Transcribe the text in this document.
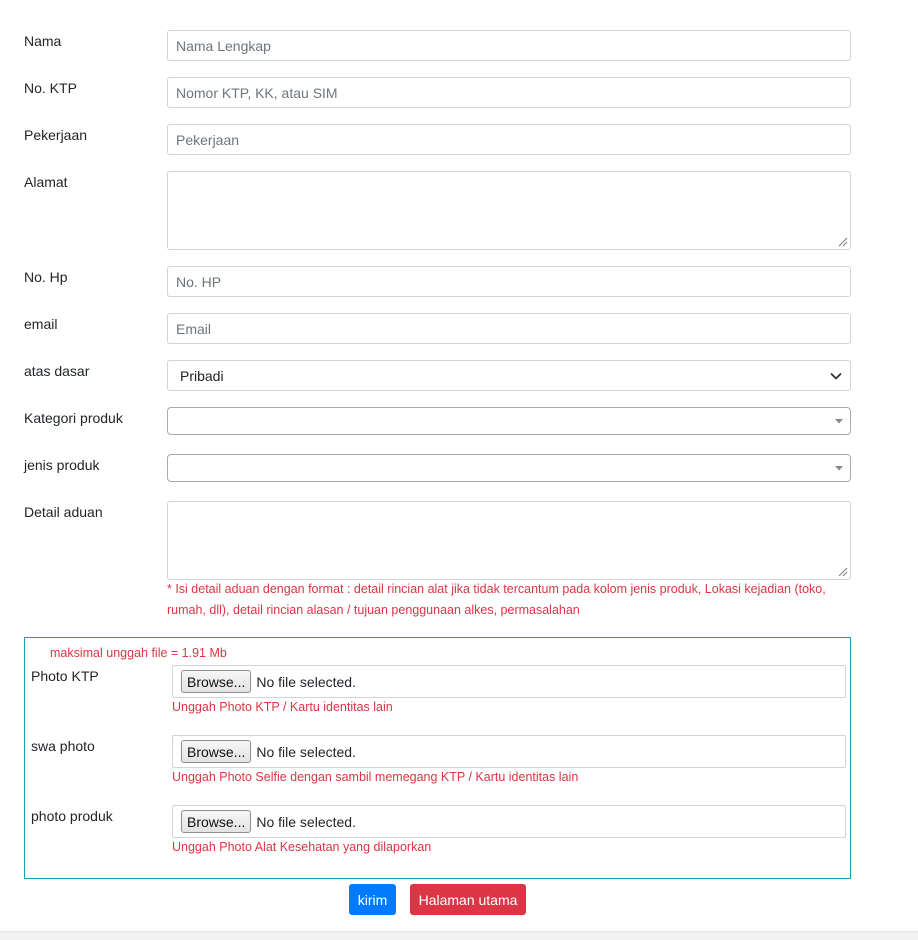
Nama	Nama Lengkap
No. KTP	Nomor KTP, KK, atau SIM
Pekerjaan	Pekerjaan
Alamat
No. Hp	No. HP
email	Email
atas dasar	Pribadi
Kategori produk
jenis produk
Detail aduan
* Isi detail aduan dengan format : detail rincian alat jika tidak tercantum pada kolom jenis produk, Lokasi kejadian (toko, rumah, dll), detail rincian alasan / tujuan penggunaan alkes, permasalahan
maksimal unggah file = 1.91 Mb
Photo KTP	Browse... No file selected.
Unggah Photo KTP / Kartu identitas lain
swa photo	Browse... No file selected.
Unggah Photo Selfie dengan sambil memegang KTP / Kartu identitas lain
photo produk	Browse... No file selected.
Unggah Photo Alat Kesehatan yang dilaporkan
kirim	Halaman utama
